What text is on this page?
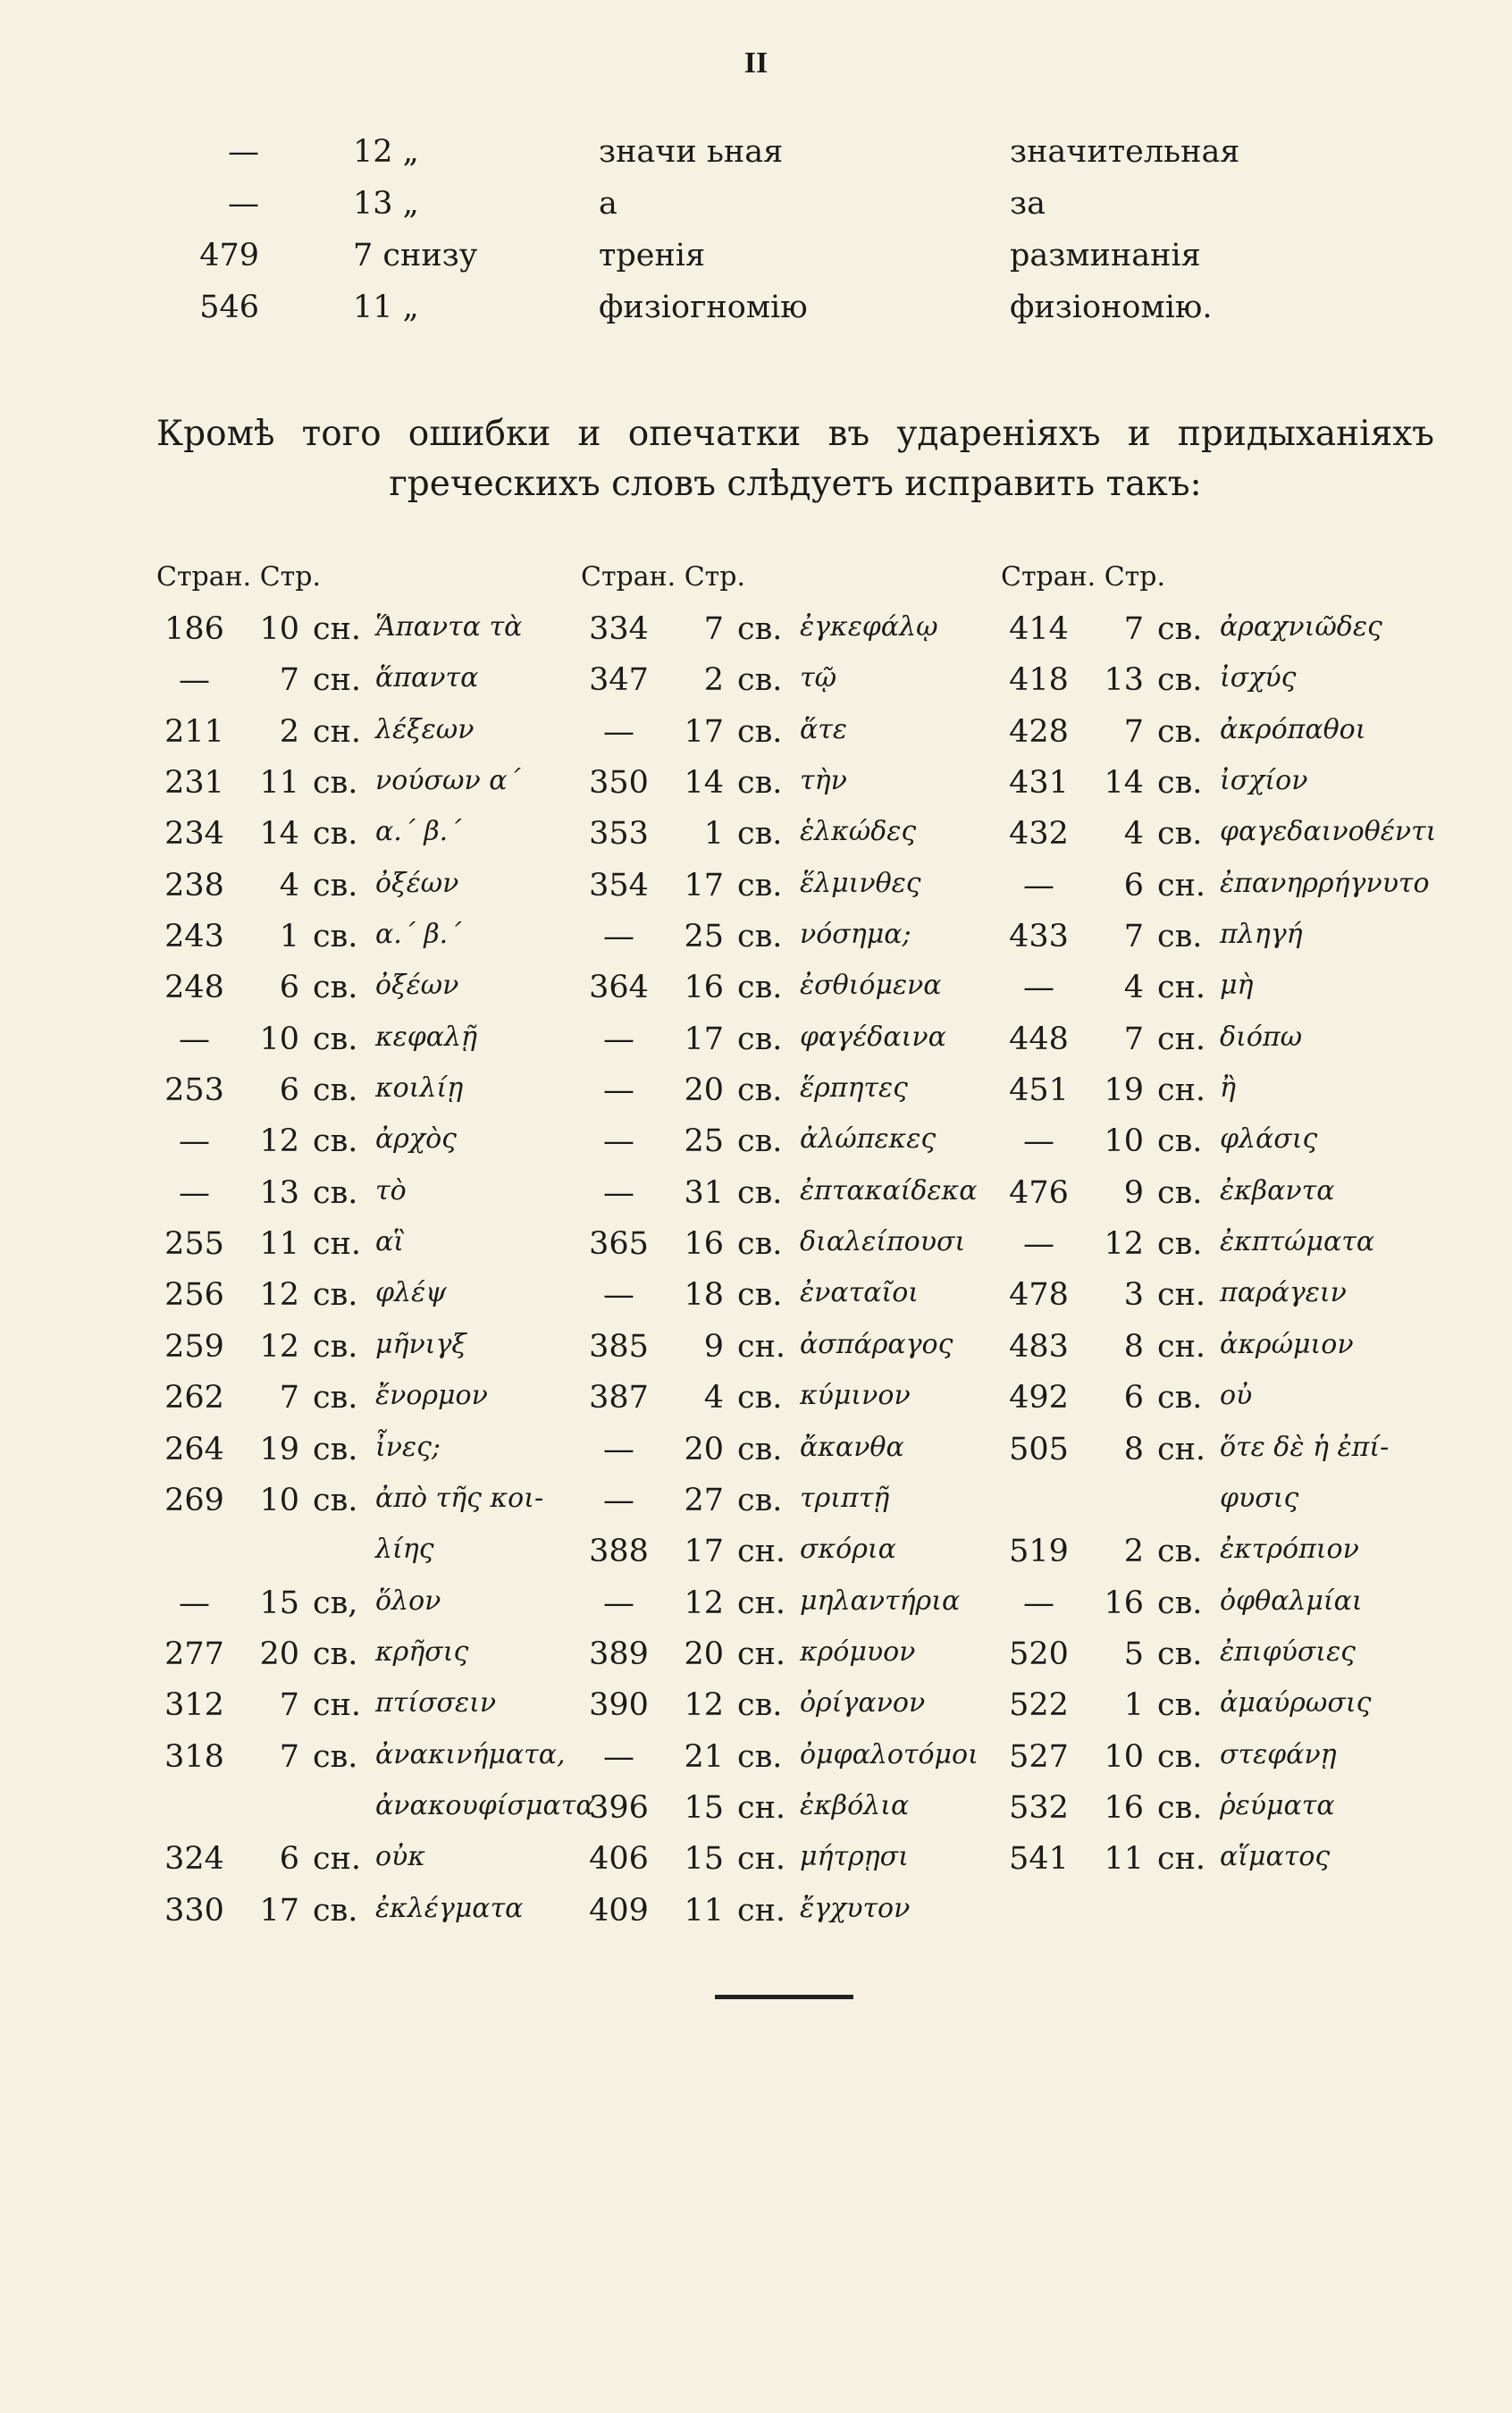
II
—	12 „	значи ьная	значительная
—	13 „	а	за
479	7 снизу	тренія	разминанія
546	11 „	физіогномію	физіономію.
Кромѣ того ошибки и опечатки въ удареніяхъ и придыханіяхъ греческихъ словъ слѣдуетъ исправить такъ:
Стран. Стр.
186	10 сн. Ἅπαντα τὰ
—	7 сн. ἅπαντα
211	2 сн. λέξεων
231	11 св. νούσων α΄
234	14 св. α.΄ β.΄
238	4 св. ὀξέων
243	1 св. α.΄ β.΄
248	6 св. ὀξέων
—	10 св. κεφαλῇ
253	6 св. κοιλίῃ
—	12 св. ἀρχὸς
—	13 св. τὸ
255	11 сн. αἳ
256	12 св. φλέψ
259	12 св. μῆνιγξ
262	7 св. ἔνορμον
264	19 св. ἶνες;
269	10 св. ἀπὸ τῆς κοι-
λίης
—	15 св, ὅλον
277	20 св. κρῆσις
312	7 сн. πτίσσειν
318	7 св. ἀνακινήματα,
ἀνακουφίσματα
324	6 сн. οὐκ
330	17 св. ἐκλέγματα
Стран. Стр.
334	7 св. ἐγκεφάλῳ
347	2 св. τῷ
—	17 св. ἅτε
350	14 св. τὴν
353	1 св. ἑλκώδες
354	17 св. ἕλμινθες
—	25 св. νόσημα;
364	16 св. ἐσθιόμενα
—	17 св. φαγέδαινα
—	20 св. ἕρπητες
—	25 св. ἀλώπεκες
—	31 св. ἐπτακαίδεκα
365	16 св. διαλείπουσι
—	18 св. ἐναταῖοι
385	9 сн. ἀσπάραγος
387	4 св. κύμινον
—	20 св. ἄκανθα
—	27 св. τριπτῇ
388	17 сн. σκόρια
—	12 сн. μηλαντήρια
389	20 сн. κρόμυον
390	12 св. ὀρίγανον
—	21 св. ὀμφαλοτόμοι
396	15 сн. ἐκβόλια
406	15 сн. μήτρῃσι
409	11 сн. ἔγχυτον
Стран. Стр.
414	7 св. ἀραχνιῶδες
418	13 св. ἰσχύς
428	7 св. ἀκρόπαθοι
431	14 св. ἰσχίον
432	4 св. φαγεδαινοθέντι
—	6 сн. ἐπανηρρήγνυτο
433	7 св. πληγή
—	4 сн. μὴ
448	7 сн. διόπω
451	19 сн. ἢ
—	10 св. φλάσις
476	9 св. ἐκβαντα
—	12 св. ἐκπτώματα
478	3 сн. παράγειν
483	8 сн. ἀκρώμιον
492	6 св. οὐ
505	8 сн. ὅτε δὲ ἡ ἐπί-
φυσις
519	2 св. ἐκτρόπιον
—	16 св. ὀφθαλμίαι
520	5 св. ἐπιφύσιες
522	1 св. ἀμαύρωσις
527	10 св. στεφάνῃ
532	16 св. ῥεύματα
541	11 сн. αἵματος
